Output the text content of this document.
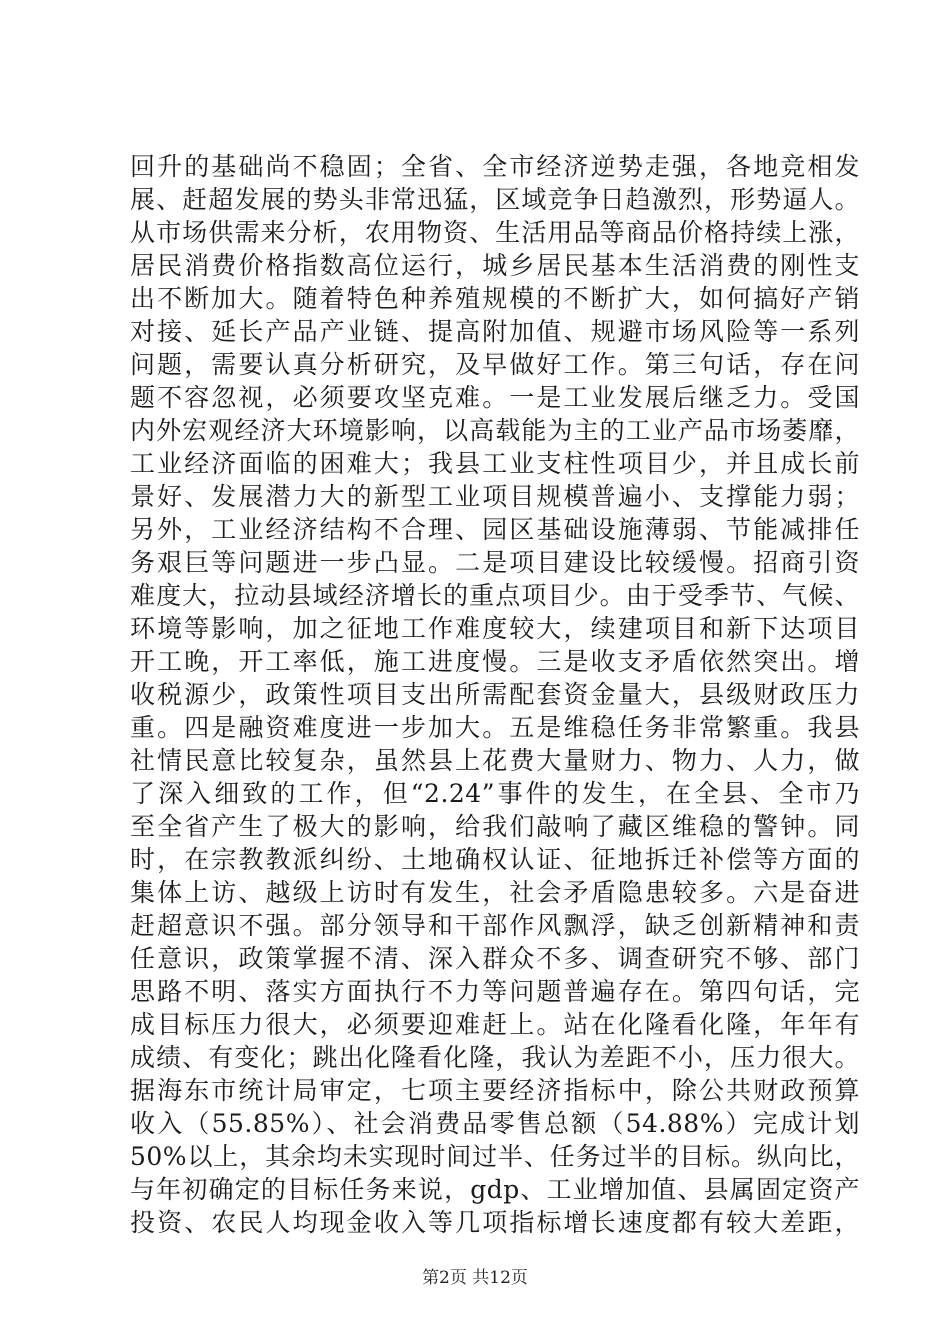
回升的基础尚不稳固；全省、全市经济逆势走强，各地竞相发
展、赶超发展的势头非常迅猛，区域竞争日趋激烈，形势逼人。
从市场供需来分析，农用物资、生活用品等商品价格持续上涨，
居民消费价格指数高位运行，城乡居民基本生活消费的刚性支
出不断加大。随着特色种养殖规模的不断扩大，如何搞好产销
对接、延长产品产业链、提高附加值、规避市场风险等一系列
问题，需要认真分析研究，及早做好工作。第三句话，存在问
题不容忽视，必须要攻坚克难。一是工业发展后继乏力。受国
内外宏观经济大环境影响，以高载能为主的工业产品市场萎靡，
工业经济面临的困难大；我县工业支柱性项目少，并且成长前
景好、发展潜力大的新型工业项目规模普遍小、支撑能力弱；
另外，工业经济结构不合理、园区基础设施薄弱、节能减排任
务艰巨等问题进一步凸显。二是项目建设比较缓慢。招商引资
难度大，拉动县域经济增长的重点项目少。由于受季节、气候、
环境等影响，加之征地工作难度较大，续建项目和新下达项目
开工晚，开工率低，施工进度慢。三是收支矛盾依然突出。增
收税源少，政策性项目支出所需配套资金量大，县级财政压力
重。四是融资难度进一步加大。五是维稳任务非常繁重。我县
社情民意比较复杂，虽然县上花费大量财力、物力、人力，做
了深入细致的工作，但“2.24”事件的发生，在全县、全市乃
至全省产生了极大的影响，给我们敲响了藏区维稳的警钟。同
时，在宗教教派纠纷、土地确权认证、征地拆迁补偿等方面的
集体上访、越级上访时有发生，社会矛盾隐患较多。六是奋进
赶超意识不强。部分领导和干部作风飘浮，缺乏创新精神和责
任意识，政策掌握不清、深入群众不多、调查研究不够、部门
思路不明、落实方面执行不力等问题普遍存在。第四句话，完
成目标压力很大，必须要迎难赶上。站在化隆看化隆，年年有
成绩、有变化；跳出化隆看化隆，我认为差距不小，压力很大。
据海东市统计局审定，七项主要经济指标中，除公共财政预算
收入（55.85%）、社会消费品零售总额（54.88%）完成计划
50%以上，其余均未实现时间过半、任务过半的目标。纵向比，
与年初确定的目标任务来说，gdp、工业增加值、县属固定资产
投资、农民人均现金收入等几项指标增长速度都有较大差距，
第2页 共12页
